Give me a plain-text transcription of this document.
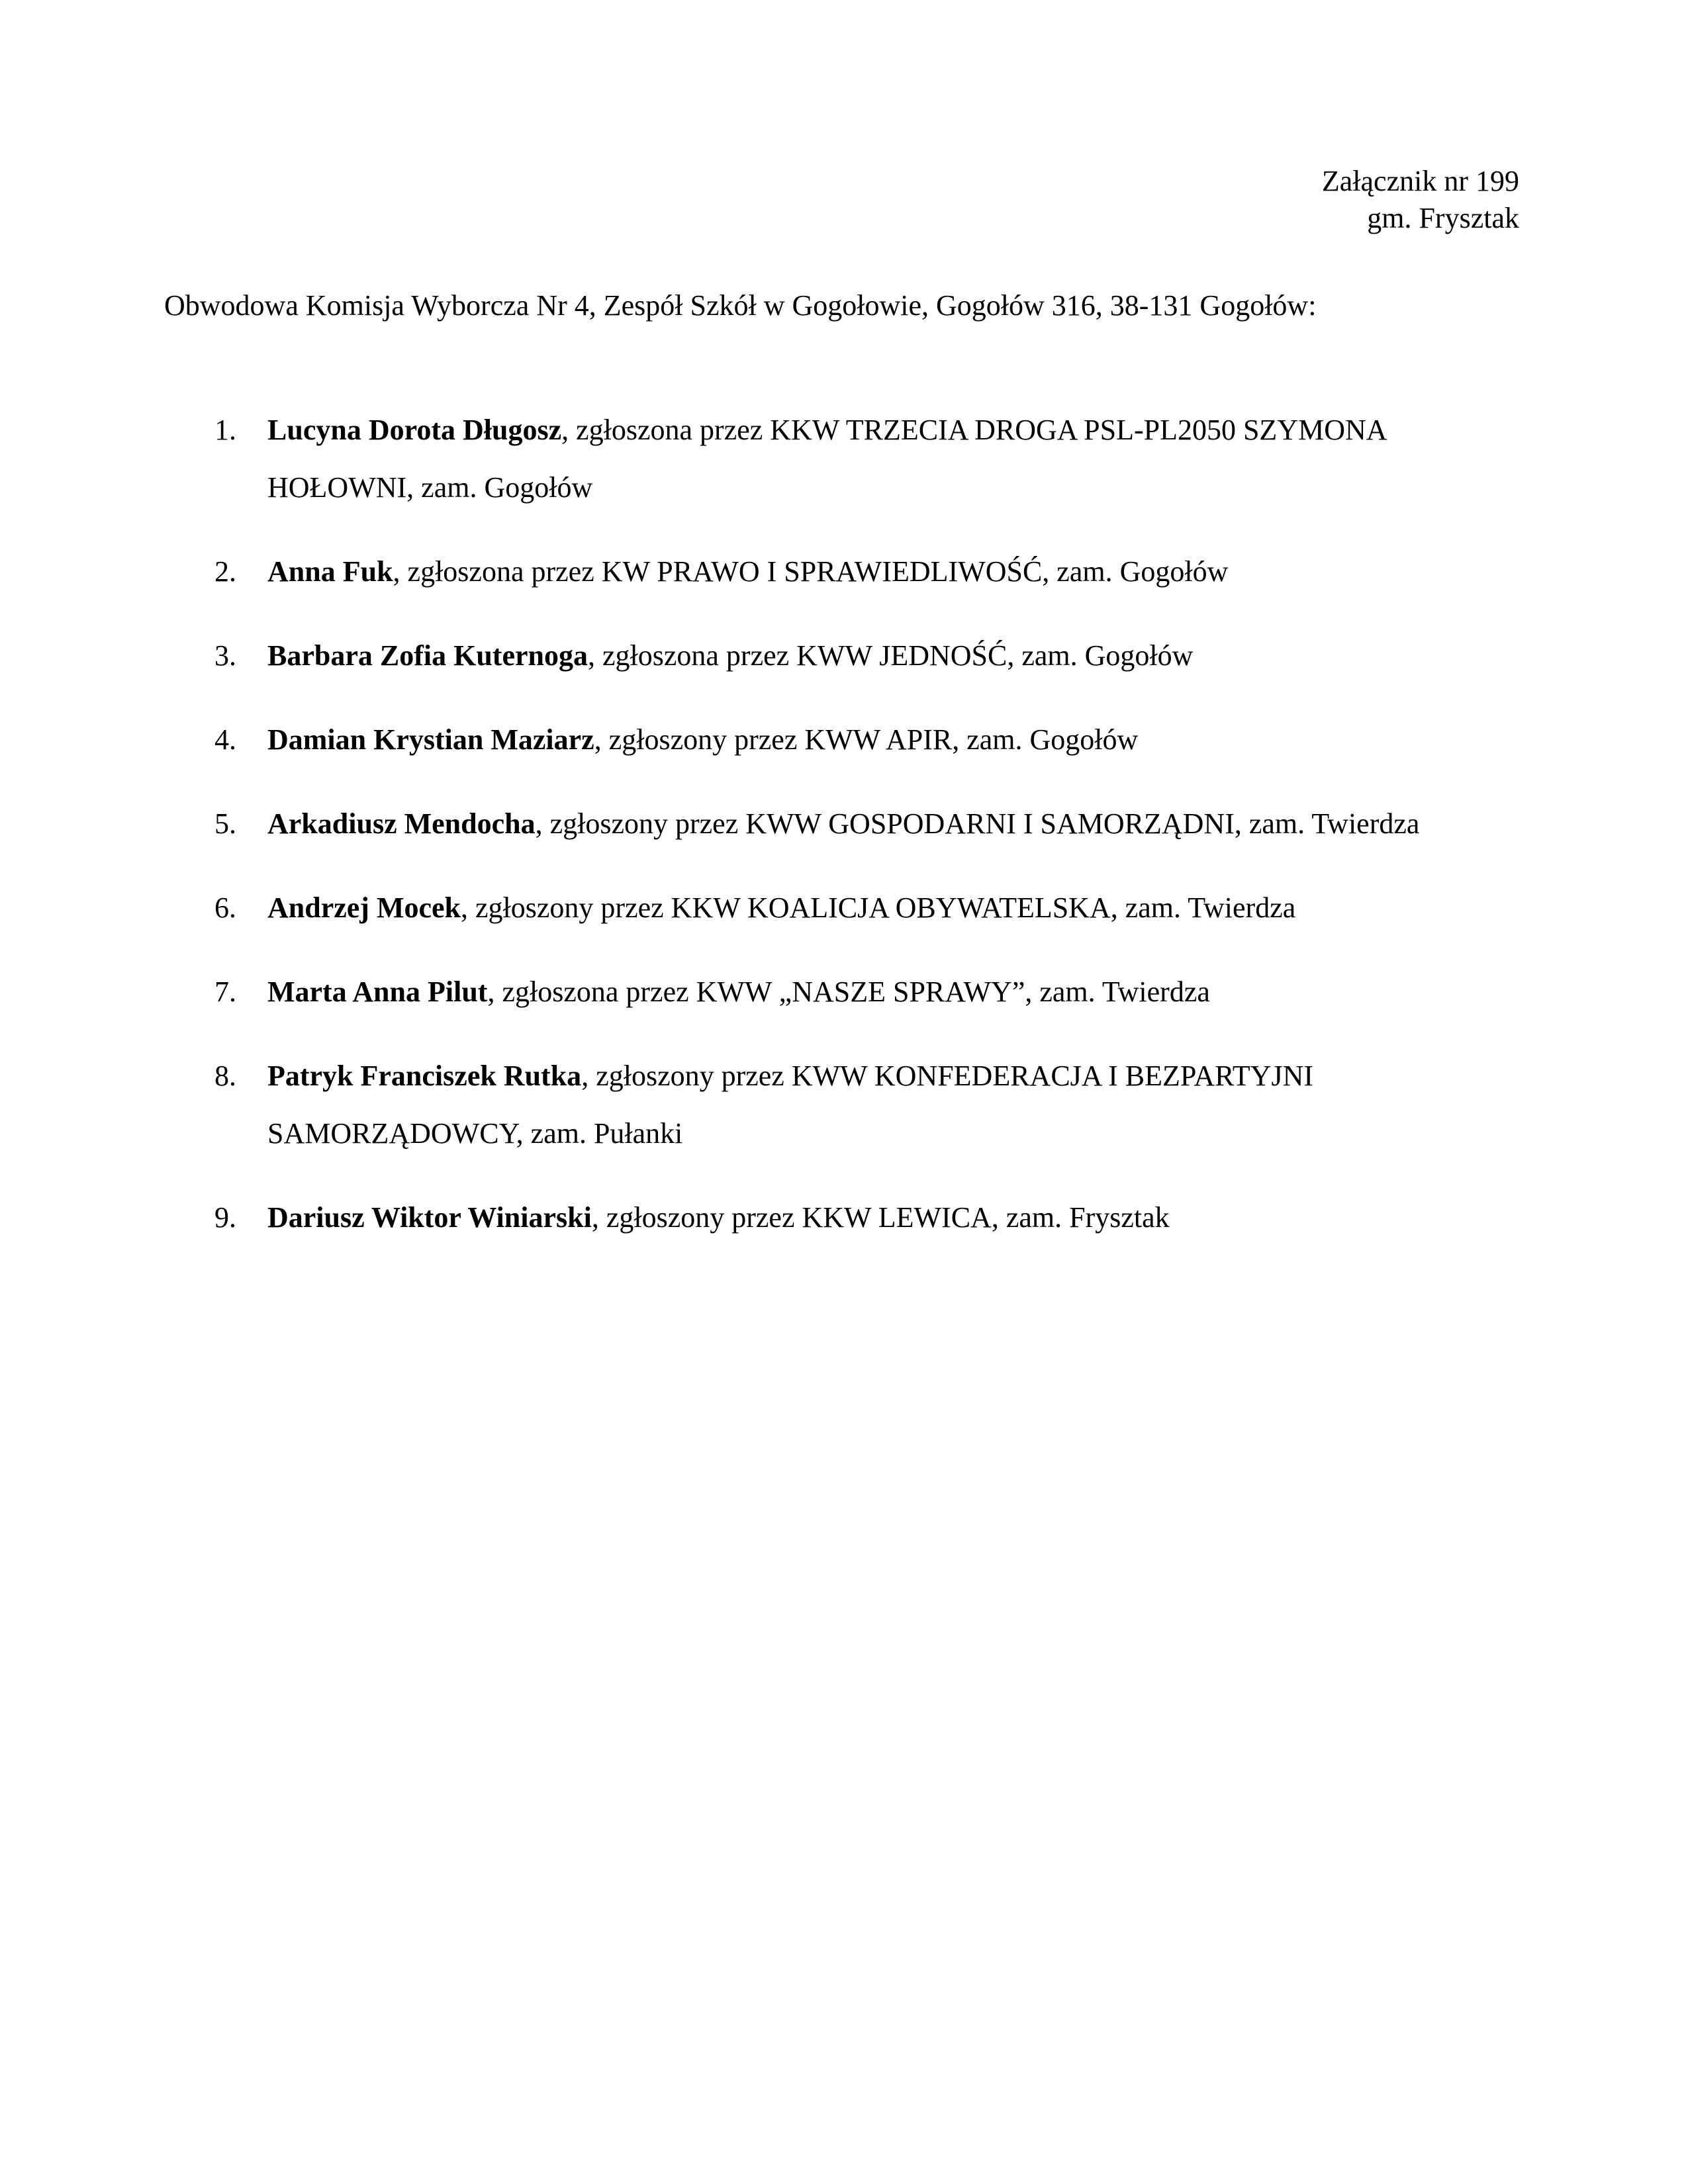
Załącznik nr 199
gm. Frysztak
Obwodowa Komisja Wyborcza Nr 4, Zespół Szkół w Gogołowie, Gogołów 316, 38-131 Gogołów:
1. Lucyna Dorota Długosz, zgłoszona przez KKW TRZECIA DROGA PSL-PL2050 SZYMONA
HOŁOWNI, zam. Gogołów
2. Anna Fuk, zgłoszona przez KW PRAWO I SPRAWIEDLIWOŚĆ, zam. Gogołów
3. Barbara Zofia Kuternoga, zgłoszona przez KWW JEDNOŚĆ, zam. Gogołów
4. Damian Krystian Maziarz, zgłoszony przez KWW APIR, zam. Gogołów
5. Arkadiusz Mendocha, zgłoszony przez KWW GOSPODARNI I SAMORZĄDNI, zam. Twierdza
6. Andrzej Mocek, zgłoszony przez KKW KOALICJA OBYWATELSKA, zam. Twierdza
7. Marta Anna Pilut, zgłoszona przez KWW „NASZE SPRAWY”, zam. Twierdza
8. Patryk Franciszek Rutka, zgłoszony przez KWW KONFEDERACJA I BEZPARTYJNI
SAMORZĄDOWCY, zam. Pułanki
9. Dariusz Wiktor Winiarski, zgłoszony przez KKW LEWICA, zam. Frysztak
